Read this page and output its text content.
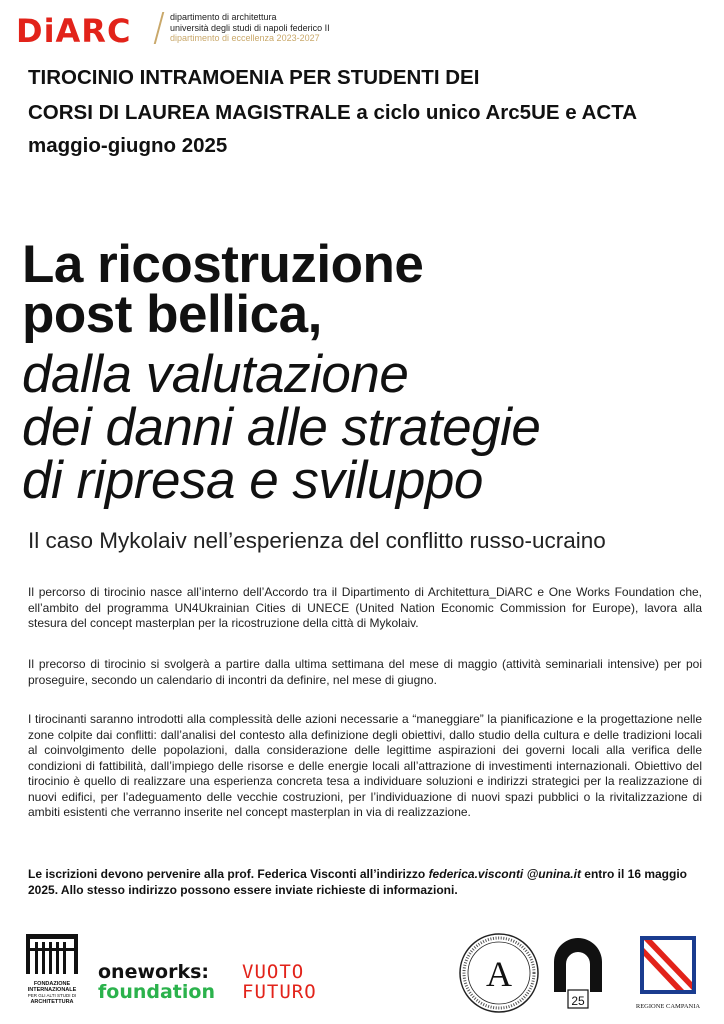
DiARC	dipartimento di architettura
università degli studi di napoli federico II
dipartimento di eccellenza 2023-2027
TIROCINIO INTRAMOENIA PER STUDENTI DEI
CORSI DI LAUREA MAGISTRALE a ciclo unico Arc5UE e ACTA
maggio-giugno 2025
La ricostruzione
post bellica,
dalla valutazione
dei danni alle strategie
di ripresa e sviluppo
Il caso Mykolaiv nell’esperienza del conflitto russo-ucraino
Il percorso di tirocinio nasce all’interno dell’Accordo tra il Dipartimento di Architettura_DiARC e One Works Foundation che, ell’ambito del programma UN4Ukrainian Cities di UNECE (United Nation Economic Commission for Europe), lavora alla stesura del concept masterplan per la ricostruzione della città di Mykolaiv.
Il precorso di tirocinio si svolgerà a partire dalla ultima settimana del mese di maggio (attività seminariali intensive) per poi proseguire, secondo un calendario di incontri da definire, nel mese di giugno.
I tirocinanti saranno introdotti alla complessità delle azioni necessarie a “maneggiare” la pianificazione e la progettazione nelle zone colpite dai conflitti: dall’analisi del contesto alla definizione degli obiettivi, dallo studio della cultura e delle tradizioni locali al coinvolgimento delle popolazioni, dalla considerazione delle legittime aspirazioni dei governi locali alla verifica delle condizioni di fattibilità, dall’impiego delle risorse e delle energie locali all’attrazione di investimenti internazionali. Obiettivo del tirocinio è quello di realizzare una esperienza concreta tesa a individuare soluzioni e indirizzi strategici per la realizzazione di nuovi edifici, per l’adeguamento delle vecchie costruzioni, per l’individuazione di nuovi spazi pubblici o la rivitalizzazione di ambiti esistenti che verranno inserite nel concept masterplan in via di realizzazione.
Le iscrizioni devono pervenire alla prof. Federica Visconti all’indirizzo federica.visconti @unina.it entro il 16 maggio 2025. Allo stesso indirizzo possono essere inviate richieste di informazioni.
FONDAZIONE
INTERNAZIONALE
PER GLI ALTI STUDI DI
ARCHITETTURA
oneworks:
foundation
VUOTO
FUTURO	A
25	REGIONE CAMPANIA
